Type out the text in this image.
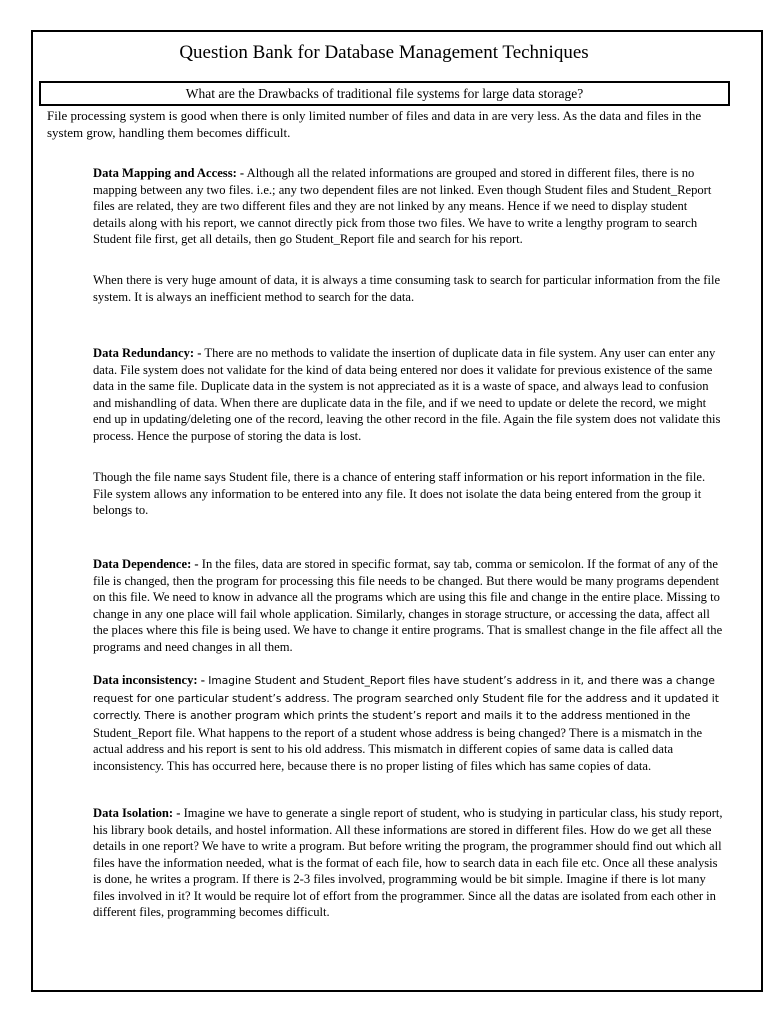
Question Bank for Database Management Techniques
What are the Drawbacks of traditional file systems for large data storage?

File processing system is good when there is only limited number of files and data in are very less. As the data and files in the system grow, handling them becomes difficult.

Data Mapping and Access: - Although all the related informations are grouped and stored in different files, there is no mapping between any two files. i.e.; any two dependent files are not linked. Even though Student files and Student_Report files are related, they are two different files and they are not linked by any means. Hence if we need to display student details along with his report, we cannot directly pick from those two files. We have to write a lengthy program to search Student file first, get all details, then go Student_Report file and search for his report.

When there is very huge amount of data, it is always a time consuming task to search for particular information from the file system. It is always an inefficient method to search for the data.

Data Redundancy: - There are no methods to validate the insertion of duplicate data in file system. Any user can enter any data. File system does not validate for the kind of data being entered nor does it validate for previous existence of the same data in the same file. Duplicate data in the system is not appreciated as it is a waste of space, and always lead to confusion and mishandling of data. When there are duplicate data in the file, and if we need to update or delete the record, we might end up in updating/deleting one of the record, leaving the other record in the file. Again the file system does not validate this process. Hence the purpose of storing the data is lost.

Though the file name says Student file, there is a chance of entering staff information or his report information in the file. File system allows any information to be entered into any file. It does not isolate the data being entered from the group it belongs to.

Data Dependence: - In the files, data are stored in specific format, say tab, comma or semicolon. If the format of any of the file is changed, then the program for processing this file needs to be changed. But there would be many programs dependent on this file. We need to know in advance all the programs which are using this file and change in the entire place. Missing to change in any one place will fail whole application. Similarly, changes in storage structure, or accessing the data, affect all the places where this file is being used. We have to change it entire programs. That is smallest change in the file affect all the programs and need changes in all them.

Data inconsistency: - Imagine Student and Student_Report files have student’s address in it, and there was a change request for one particular student’s address. The program searched only Student file for the address and it updated it correctly. There is another program which prints the student’s report and mails it to the address mentioned in the Student_Report file. What happens to the report of a student whose address is being changed? There is a mismatch in the actual address and his report is sent to his old address. This mismatch in different copies of same data is called data inconsistency. This has occurred here, because there is no proper listing of files which has same copies of data.

Data Isolation: - Imagine we have to generate a single report of student, who is studying in particular class, his study report, his library book details, and hostel information. All these informations are stored in different files. How do we get all these details in one report? We have to write a program. But before writing the program, the programmer should find out which all files have the information needed, what is the format of each file, how to search data in each file etc. Once all these analysis is done, he writes a program. If there is 2-3 files involved, programming would be bit simple. Imagine if there is lot many files involved in it? It would be require lot of effort from the programmer. Since all the datas are isolated from each other in different files, programming becomes difficult.
